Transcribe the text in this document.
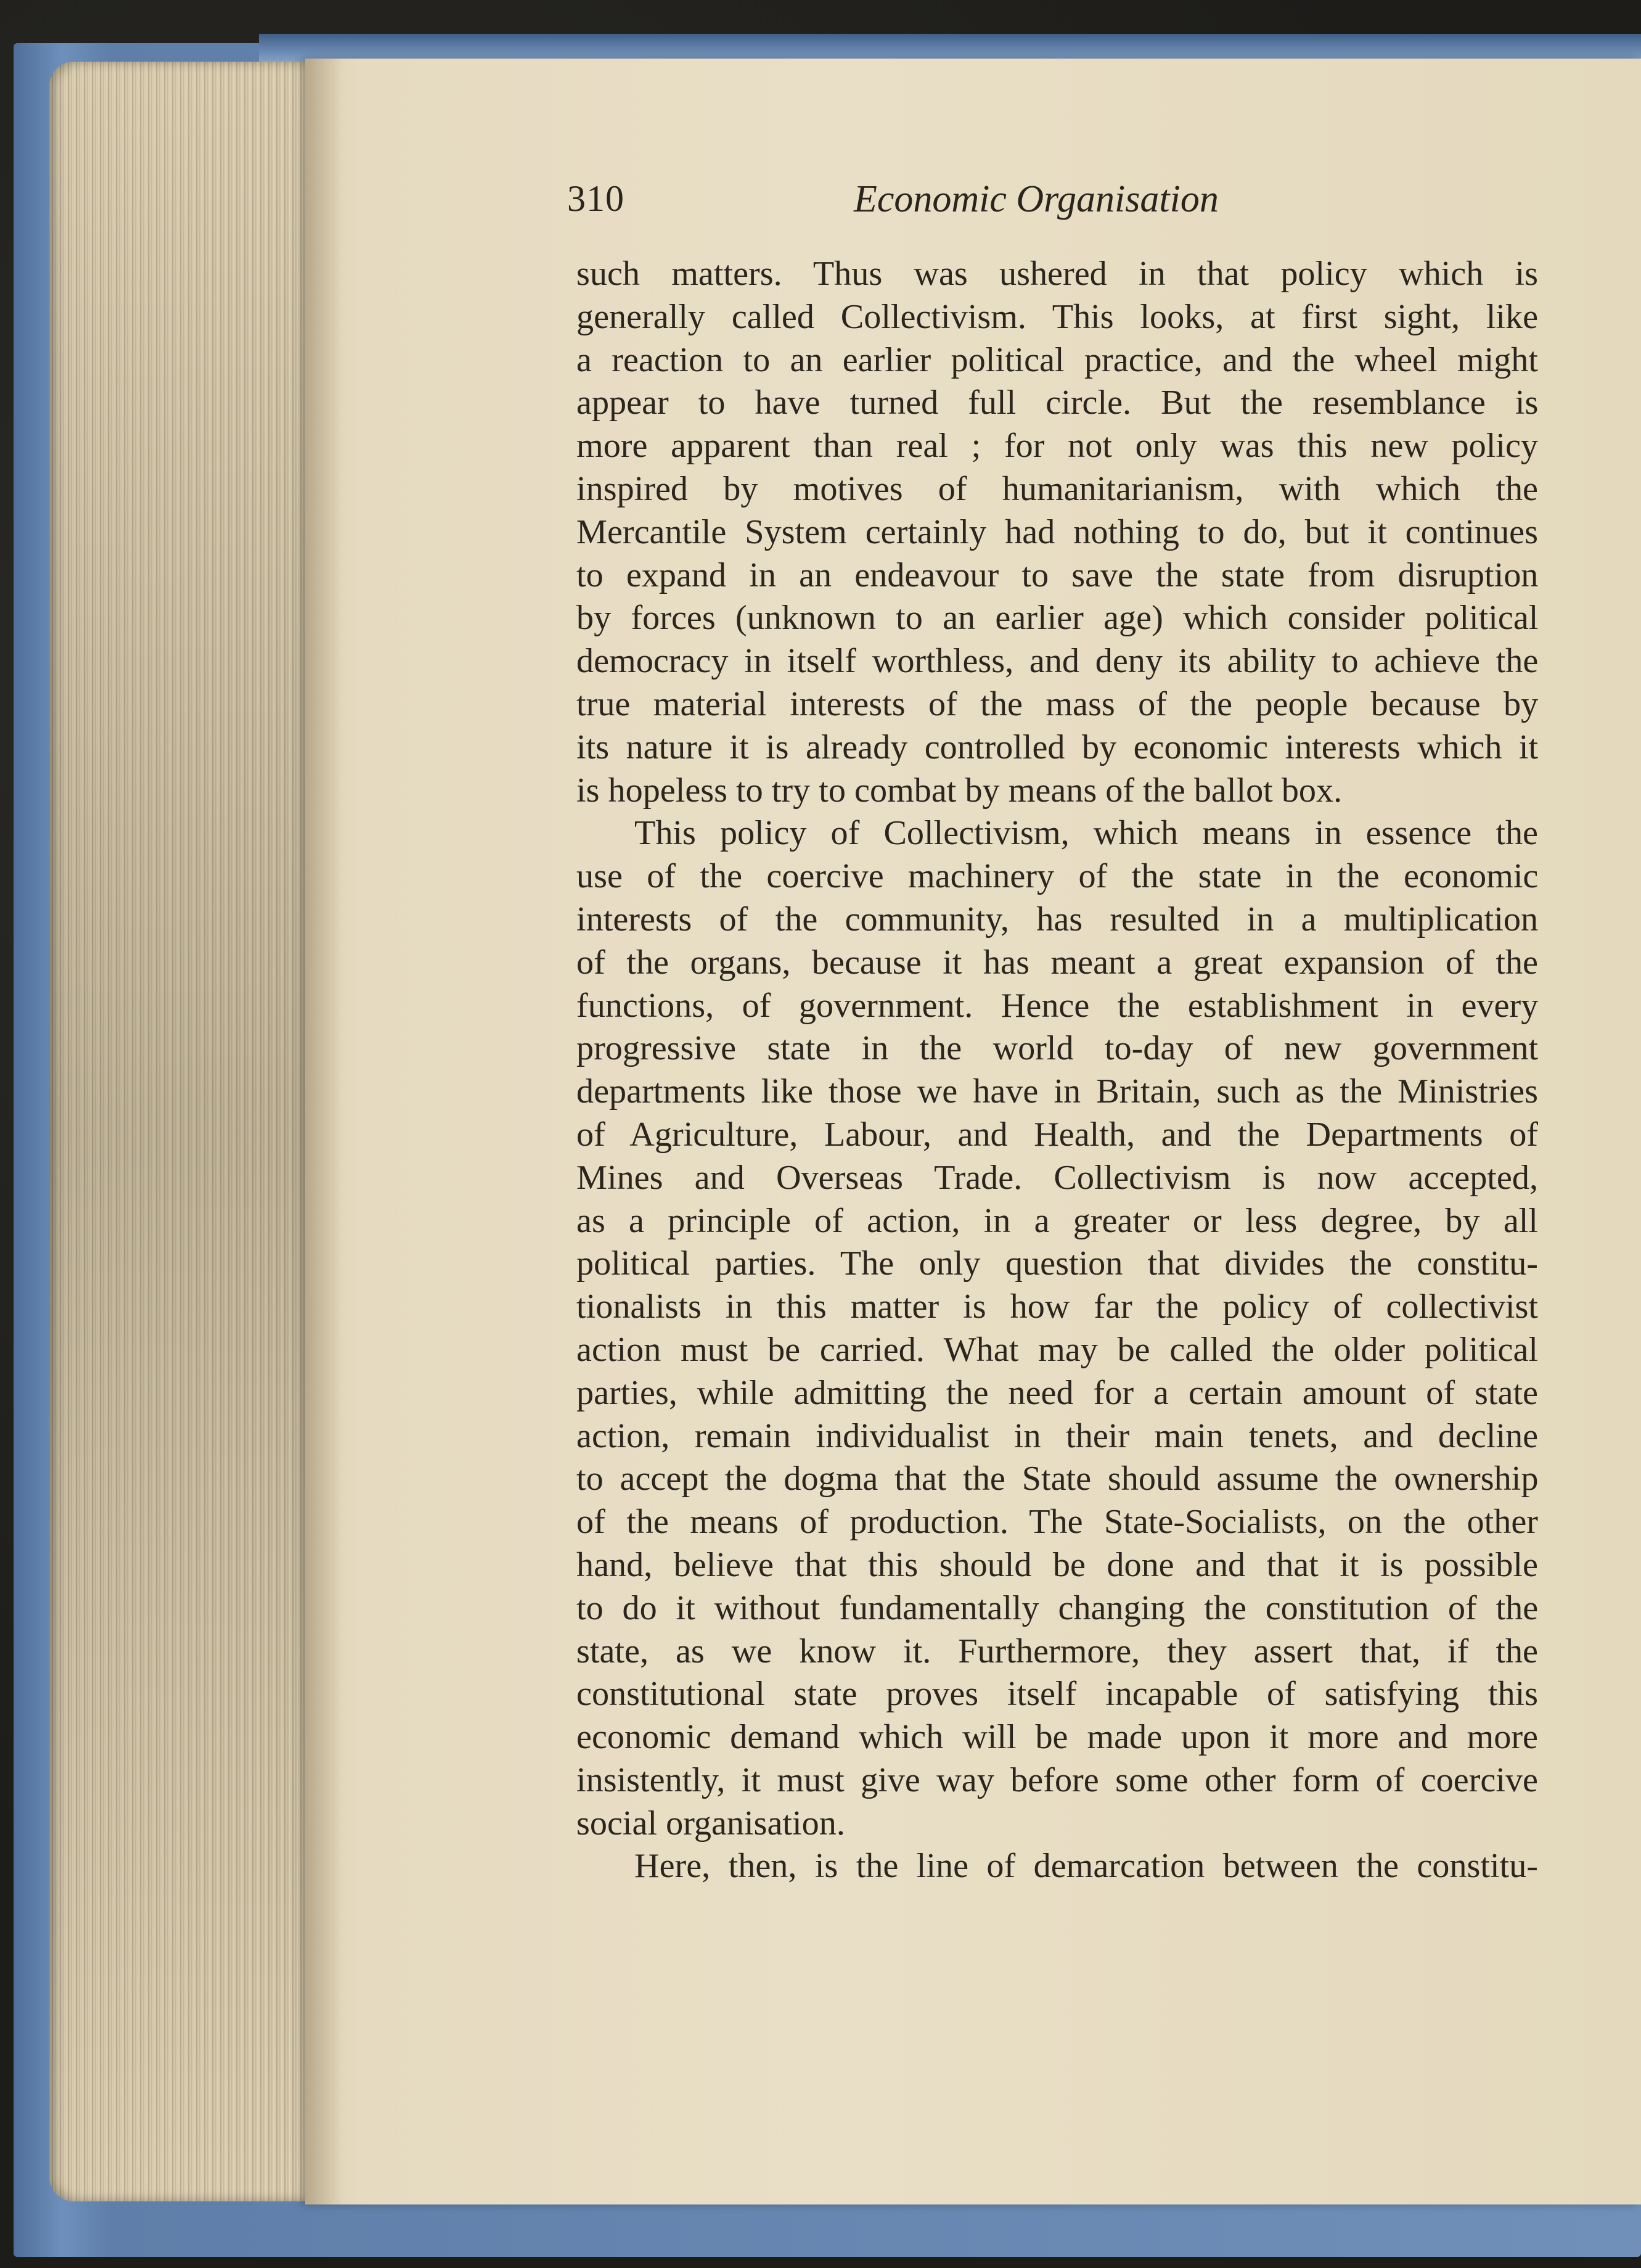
310	Economic Organisation
such matters. Thus was ushered in that policy which is
generally called Collectivism. This looks, at first sight, like
a reaction to an earlier political practice, and the wheel might
appear to have turned full circle. But the resemblance is
more apparent than real ; for not only was this new policy
inspired by motives of humanitarianism, with which the
Mercantile System certainly had nothing to do, but it continues
to expand in an endeavour to save the state from disruption
by forces (unknown to an earlier age) which consider political
democracy in itself worthless, and deny its ability to achieve the
true material interests of the mass of the people because by
its nature it is already controlled by economic interests which it
is hopeless to try to combat by means of the ballot box.
This policy of Collectivism, which means in essence the
use of the coercive machinery of the state in the economic
interests of the community, has resulted in a multiplication
of the organs, because it has meant a great expansion of the
functions, of government. Hence the establishment in every
progressive state in the world to-day of new government
departments like those we have in Britain, such as the Ministries
of Agriculture, Labour, and Health, and the Departments of
Mines and Overseas Trade. Collectivism is now accepted,
as a principle of action, in a greater or less degree, by all
political parties. The only question that divides the constitu-
tionalists in this matter is how far the policy of collectivist
action must be carried. What may be called the older political
parties, while admitting the need for a certain amount of state
action, remain individualist in their main tenets, and decline
to accept the dogma that the State should assume the ownership
of the means of production. The State-Socialists, on the other
hand, believe that this should be done and that it is possible
to do it without fundamentally changing the constitution of the
state, as we know it. Furthermore, they assert that, if the
constitutional state proves itself incapable of satisfying this
economic demand which will be made upon it more and more
insistently, it must give way before some other form of coercive
social organisation.
Here, then, is the line of demarcation between the constitu-
